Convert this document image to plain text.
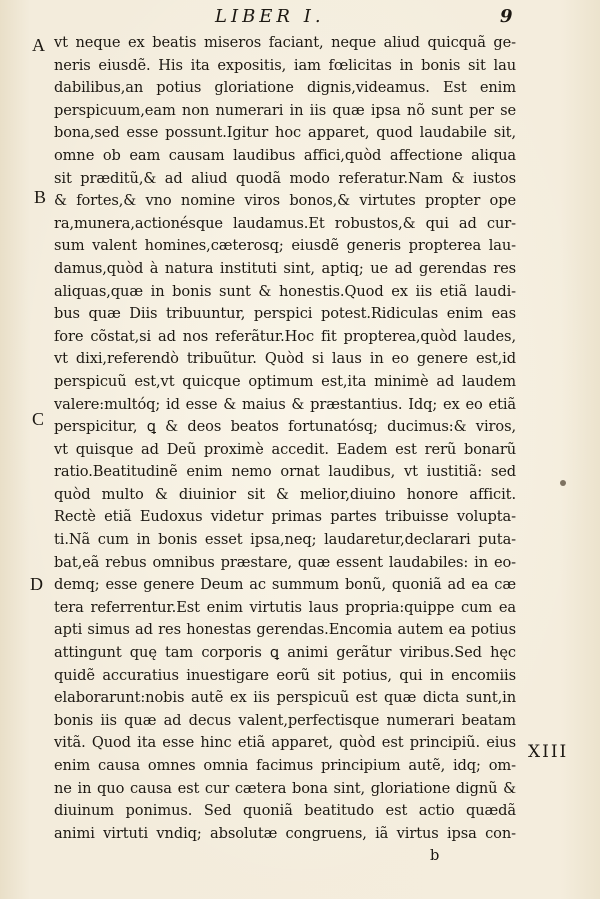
LIBER I.	9
A
B
C
D
XIII
vt neque ex beatis miseros faciant, neque aliud quicquã ge-
neris eiusdẽ. His ita expositis, iam fœlicitas in bonis sit lau
dabilibus,an potius gloriatione dignis,videamus. Est enim
perspicuum,eam non numerari in iis quæ ipsa nõ sunt per se
bona,sed esse possunt.Igitur hoc apparet, quod laudabile sit,
omne ob eam causam laudibus affici,quòd affectione aliqua
sit præditũ,& ad aliud quodã modo referatur.Nam & iustos
& fortes,& vno nomine viros bonos,& virtutes propter ope
ra,munera,actionésque laudamus.Et robustos,& qui ad cur-
sum valent homines,cæterosq; eiusdẽ generis propterea lau-
damus,quòd à natura instituti sint, aptiq; ue ad gerendas res
aliquas,quæ in bonis sunt & honestis.Quod ex iis etiã laudi-
bus quæ Diis tribuuntur, perspici potest.Ridiculas enim eas
fore cõstat,si ad nos referãtur.Hoc fit propterea,quòd laudes,
vt dixi,referendò tribuũtur. Quòd si laus in eo genere est,id
perspicuũ est,vt quicque optimum est,ita minimè ad laudem
valere:multóq; id esse & maius & præstantius. Idq; ex eo etiã
perspicitur, ꝗ & deos beatos fortunatósq; ducimus:& viros,
vt quisque ad Deũ proximè accedit. Eadem est rerũ bonarũ
ratio.Beatitudinẽ enim nemo ornat laudibus, vt iustitiã: sed
quòd multo & diuinior sit & melior,diuino honore afficit.
Rectè etiã Eudoxus videtur primas partes tribuisse volupta-
ti.Nã cum in bonis esset ipsa,neq; laudaretur,declarari puta-
bat,eã rebus omnibus præstare, quæ essent laudabiles: in eo-
demq; esse genere Deum ac summum bonũ, quoniã ad ea cæ
tera referrentur.Est enim virtutis laus propria:quippe cum ea
apti simus ad res honestas gerendas.Encomia autem ea potius
attingunt quę tam corporis ꝗ animi gerãtur viribus.Sed hęc
quidẽ accuratius inuestigare eorũ sit potius, qui in encomiis
elaborarunt:nobis autẽ ex iis perspicuũ est quæ dicta sunt,in
bonis iis quæ ad decus valent,perfectisque numerari beatam
vitã. Quod ita esse hinc etiã apparet, quòd est principiũ. eius
enim causa omnes omnia facimus principium autẽ, idq; om-
ne in quo causa est cur cætera bona sint, gloriatione dignũ &
diuinum ponimus. Sed quoniã beatitudo est actio quædã
animi virtuti vndiq; absolutæ congruens, iã virtus ipsa con-
b
